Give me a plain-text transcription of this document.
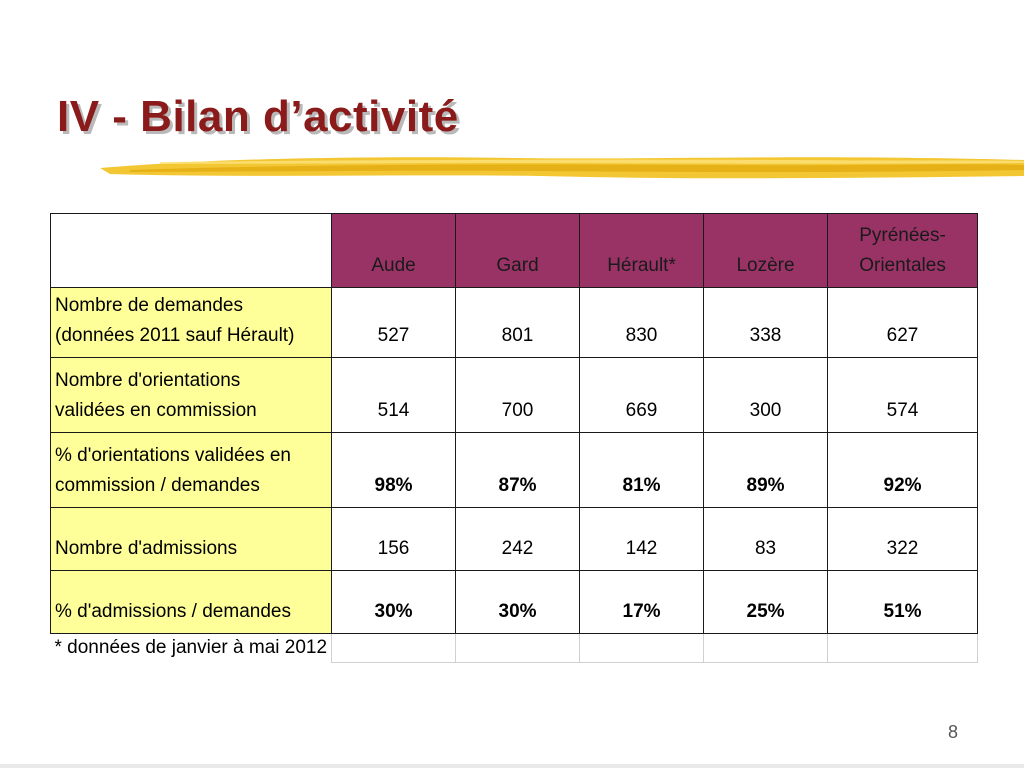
IV - Bilan d’activité
	Aude	Gard	Hérault*	Lozère	Pyrénées-
Orientales
Nombre de demandes
(données 2011 sauf Hérault)	527	801	830	338	627
Nombre d'orientations
validées en commission	514	700	669	300	574
% d'orientations validées en
commission / demandes	98%	87%	81%	89%	92%
Nombre d'admissions	156	242	142	83	322
% d'admissions / demandes	30%	30%	17%	25%	51%
* données de janvier à mai 2012					
8
